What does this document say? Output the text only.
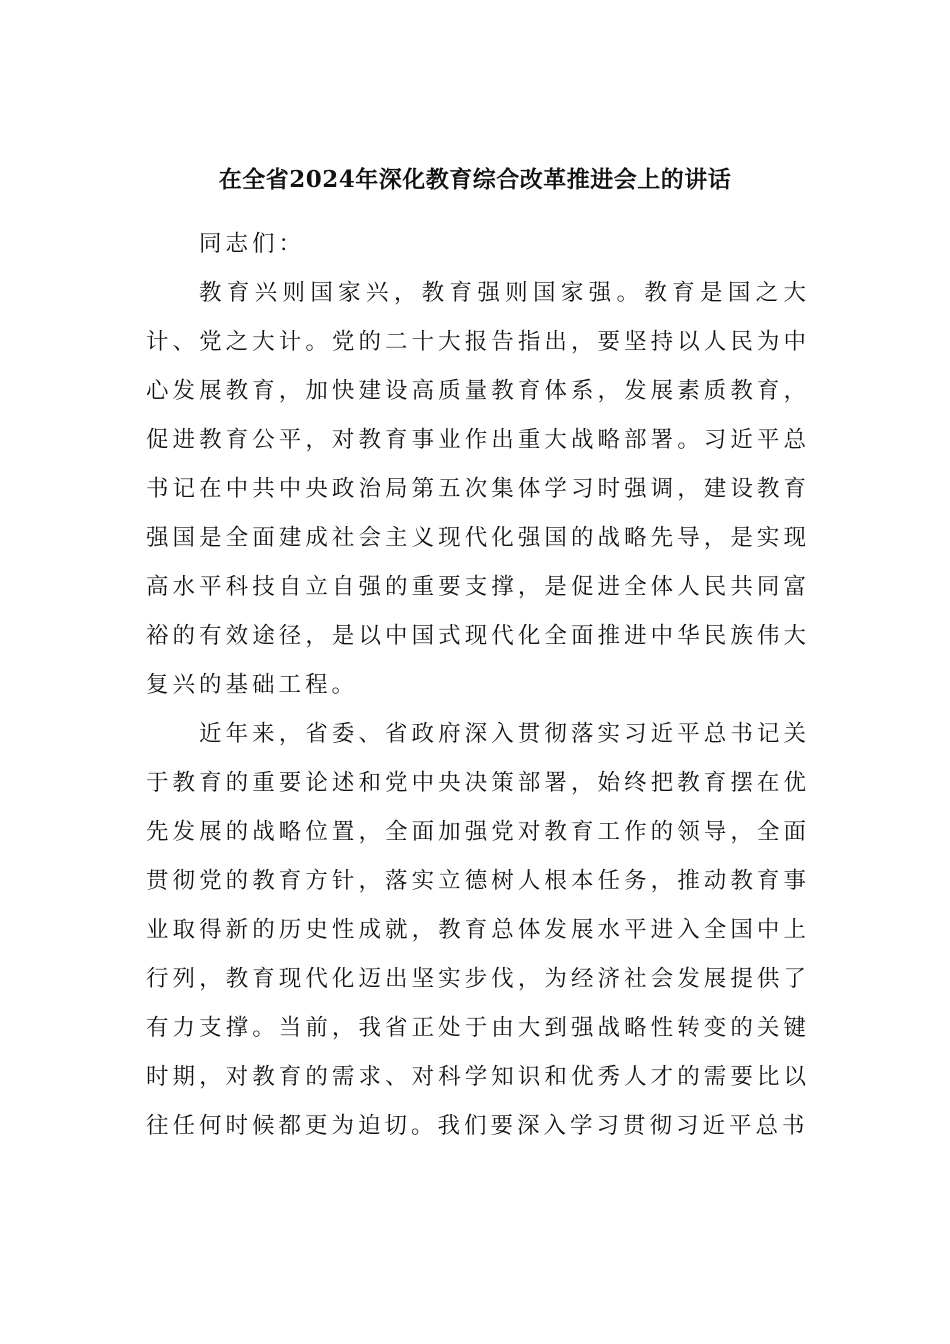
在全省2024年深化教育综合改革推进会上的讲话

同志们：

教育兴则国家兴，教育强则国家强。教育是国之大计、党之大计。党的二十大报告指出，要坚持以人民为中心发展教育，加快建设高质量教育体系，发展素质教育，促进教育公平，对教育事业作出重大战略部署。习近平总书记在中共中央政治局第五次集体学习时强调，建设教育强国是全面建成社会主义现代化强国的战略先导，是实现高水平科技自立自强的重要支撑，是促进全体人民共同富裕的有效途径，是以中国式现代化全面推进中华民族伟大复兴的基础工程。

近年来，省委、省政府深入贯彻落实习近平总书记关于教育的重要论述和党中央决策部署，始终把教育摆在优先发展的战略位置，全面加强党对教育工作的领导，全面贯彻党的教育方针，落实立德树人根本任务，推动教育事业取得新的历史性成就，教育总体发展水平进入全国中上行列，教育现代化迈出坚实步伐，为经济社会发展提供了有力支撑。当前，我省正处于由大到强战略性转变的关键时期，对教育的需求、对科学知识和优秀人才的需要比以往任何时候都更为迫切。我们要深入学习贯彻习近平总书
